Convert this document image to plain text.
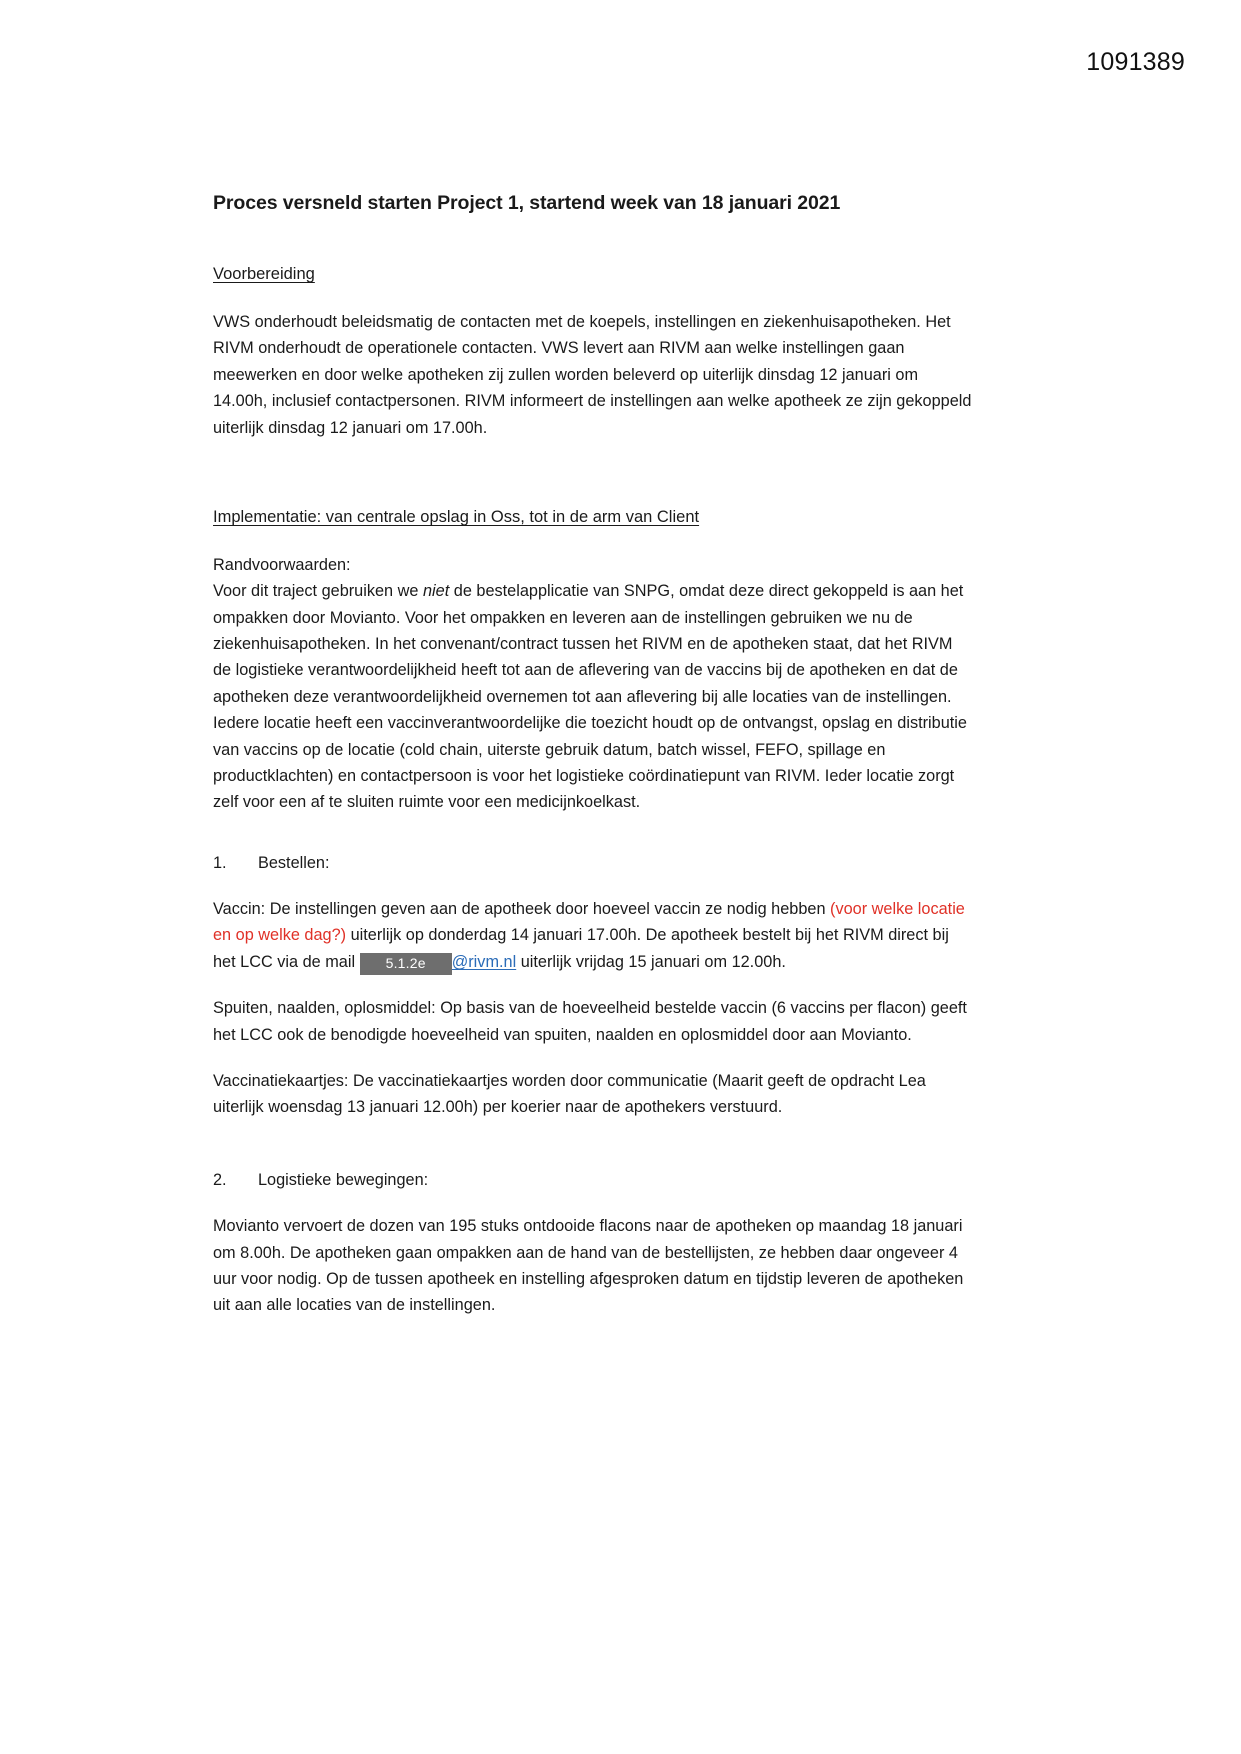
1091389
Proces versneld starten Project 1, startend week van 18 januari 2021
Voorbereiding

VWS onderhoudt beleidsmatig de contacten met de koepels, instellingen en ziekenhuisapotheken. Het RIVM onderhoudt de operationele contacten. VWS levert aan RIVM aan welke instellingen gaan meewerken en door welke apotheken zij zullen worden beleverd op uiterlijk dinsdag 12 januari om 14.00h, inclusief contactpersonen. RIVM informeert de instellingen aan welke apotheek ze zijn gekoppeld uiterlijk dinsdag 12 januari om 17.00h.

Implementatie: van centrale opslag in Oss, tot in de arm van Client

Randvoorwaarden:

Voor dit traject gebruiken we niet de bestelapplicatie van SNPG, omdat deze direct gekoppeld is aan het ompakken door Movianto. Voor het ompakken en leveren aan de instellingen gebruiken we nu de ziekenhuisapotheken. In het convenant/contract tussen het RIVM en de apotheken staat, dat het RIVM de logistieke verantwoordelijkheid heeft tot aan de aflevering van de vaccins bij de apotheken en dat de apotheken deze verantwoordelijkheid overnemen tot aan aflevering bij alle locaties van de instellingen. Iedere locatie heeft een vaccinverantwoordelijke die toezicht houdt op de ontvangst, opslag en distributie van vaccins op de locatie (cold chain, uiterste gebruik datum, batch wissel, FEFO, spillage en productklachten) en contactpersoon is voor het logistieke coördinatiepunt van RIVM. Ieder locatie zorgt zelf voor een af te sluiten ruimte voor een medicijnkoelkast.

1. Bestellen:

Vaccin: De instellingen geven aan de apotheek door hoeveel vaccin ze nodig hebben (voor welke locatie en op welke dag?) uiterlijk op donderdag 14 januari 17.00h. De apotheek bestelt bij het RIVM direct bij het LCC via de mail 5.1.2e @rivm.nl uiterlijk vrijdag 15 januari om 12.00h.

Spuiten, naalden, oplosmiddel: Op basis van de hoeveelheid bestelde vaccin (6 vaccins per flacon) geeft het LCC ook de benodigde hoeveelheid van spuiten, naalden en oplosmiddel door aan Movianto.

Vaccinatiekaartjes: De vaccinatiekaartjes worden door communicatie (Maarit geeft de opdracht Lea uiterlijk woensdag 13 januari 12.00h) per koerier naar de apothekers verstuurd.

2. Logistieke bewegingen:

Movianto vervoert de dozen van 195 stuks ontdooide flacons naar de apotheken op maandag 18 januari om 8.00h. De apotheken gaan ompakken aan de hand van de bestellijsten, ze hebben daar ongeveer 4 uur voor nodig. Op de tussen apotheek en instelling afgesproken datum en tijdstip leveren de apotheken uit aan alle locaties van de instellingen.
